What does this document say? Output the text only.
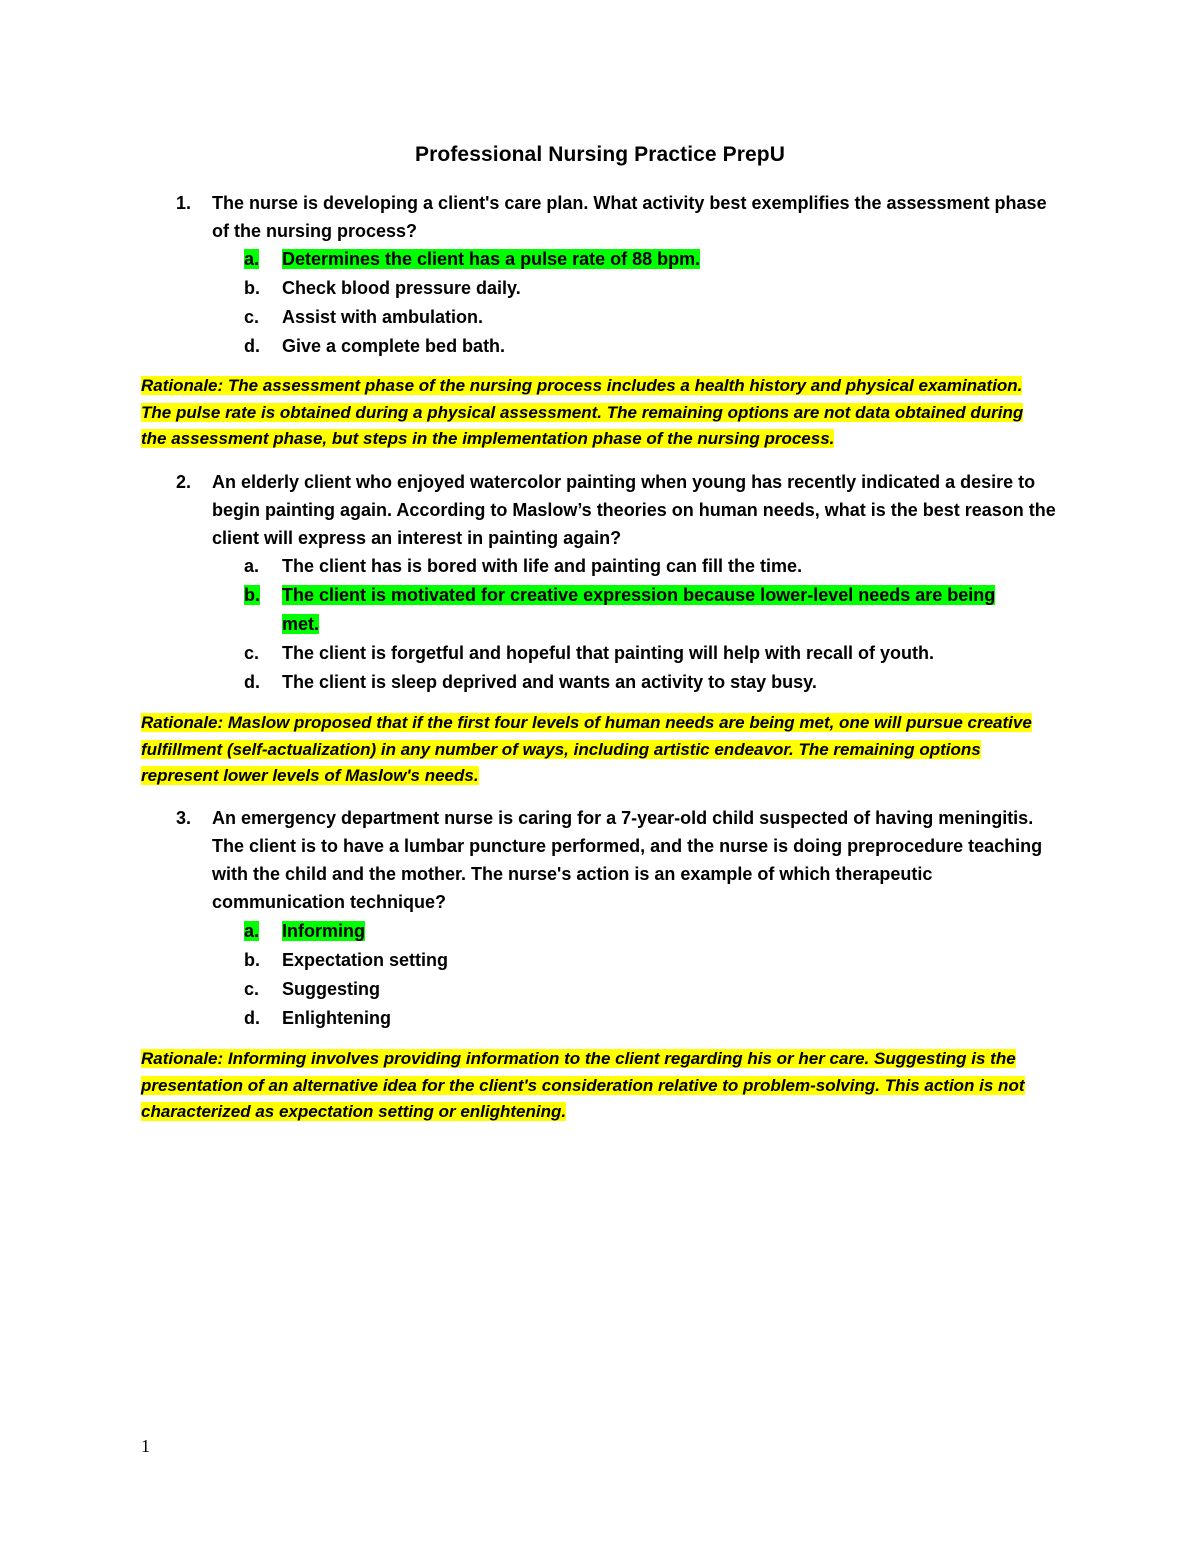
Professional Nursing Practice PrepU
1. The nurse is developing a client's care plan. What activity best exemplifies the assessment phase of the nursing process?
a.	Determines the client has a pulse rate of 88 bpm.
b.	Check blood pressure daily.
c.	Assist with ambulation.
d.	Give a complete bed bath.
Rationale: The assessment phase of the nursing process includes a health history and physical examination. The pulse rate is obtained during a physical assessment. The remaining options are not data obtained during the assessment phase, but steps in the implementation phase of the nursing process.
2. An elderly client who enjoyed watercolor painting when young has recently indicated a desire to begin painting again. According to Maslow’s theories on human needs, what is the best reason the client will express an interest in painting again?
a.	The client has is bored with life and painting can fill the time.
b.	The client is motivated for creative expression because lower-level needs are being met.
c.	The client is forgetful and hopeful that painting will help with recall of youth.
d.	The client is sleep deprived and wants an activity to stay busy.
Rationale: Maslow proposed that if the first four levels of human needs are being met, one will pursue creative fulfillment (self-actualization) in any number of ways, including artistic endeavor. The remaining options represent lower levels of Maslow's needs.
3. An emergency department nurse is caring for a 7-year-old child suspected of having meningitis. The client is to have a lumbar puncture performed, and the nurse is doing preprocedure teaching with the child and the mother. The nurse's action is an example of which therapeutic communication technique?
a.	Informing
b.	Expectation setting
c.	Suggesting
d.	Enlightening
Rationale: Informing involves providing information to the client regarding his or her care. Suggesting is the presentation of an alternative idea for the client's consideration relative to problem-solving. This action is not characterized as expectation setting or enlightening.
1
